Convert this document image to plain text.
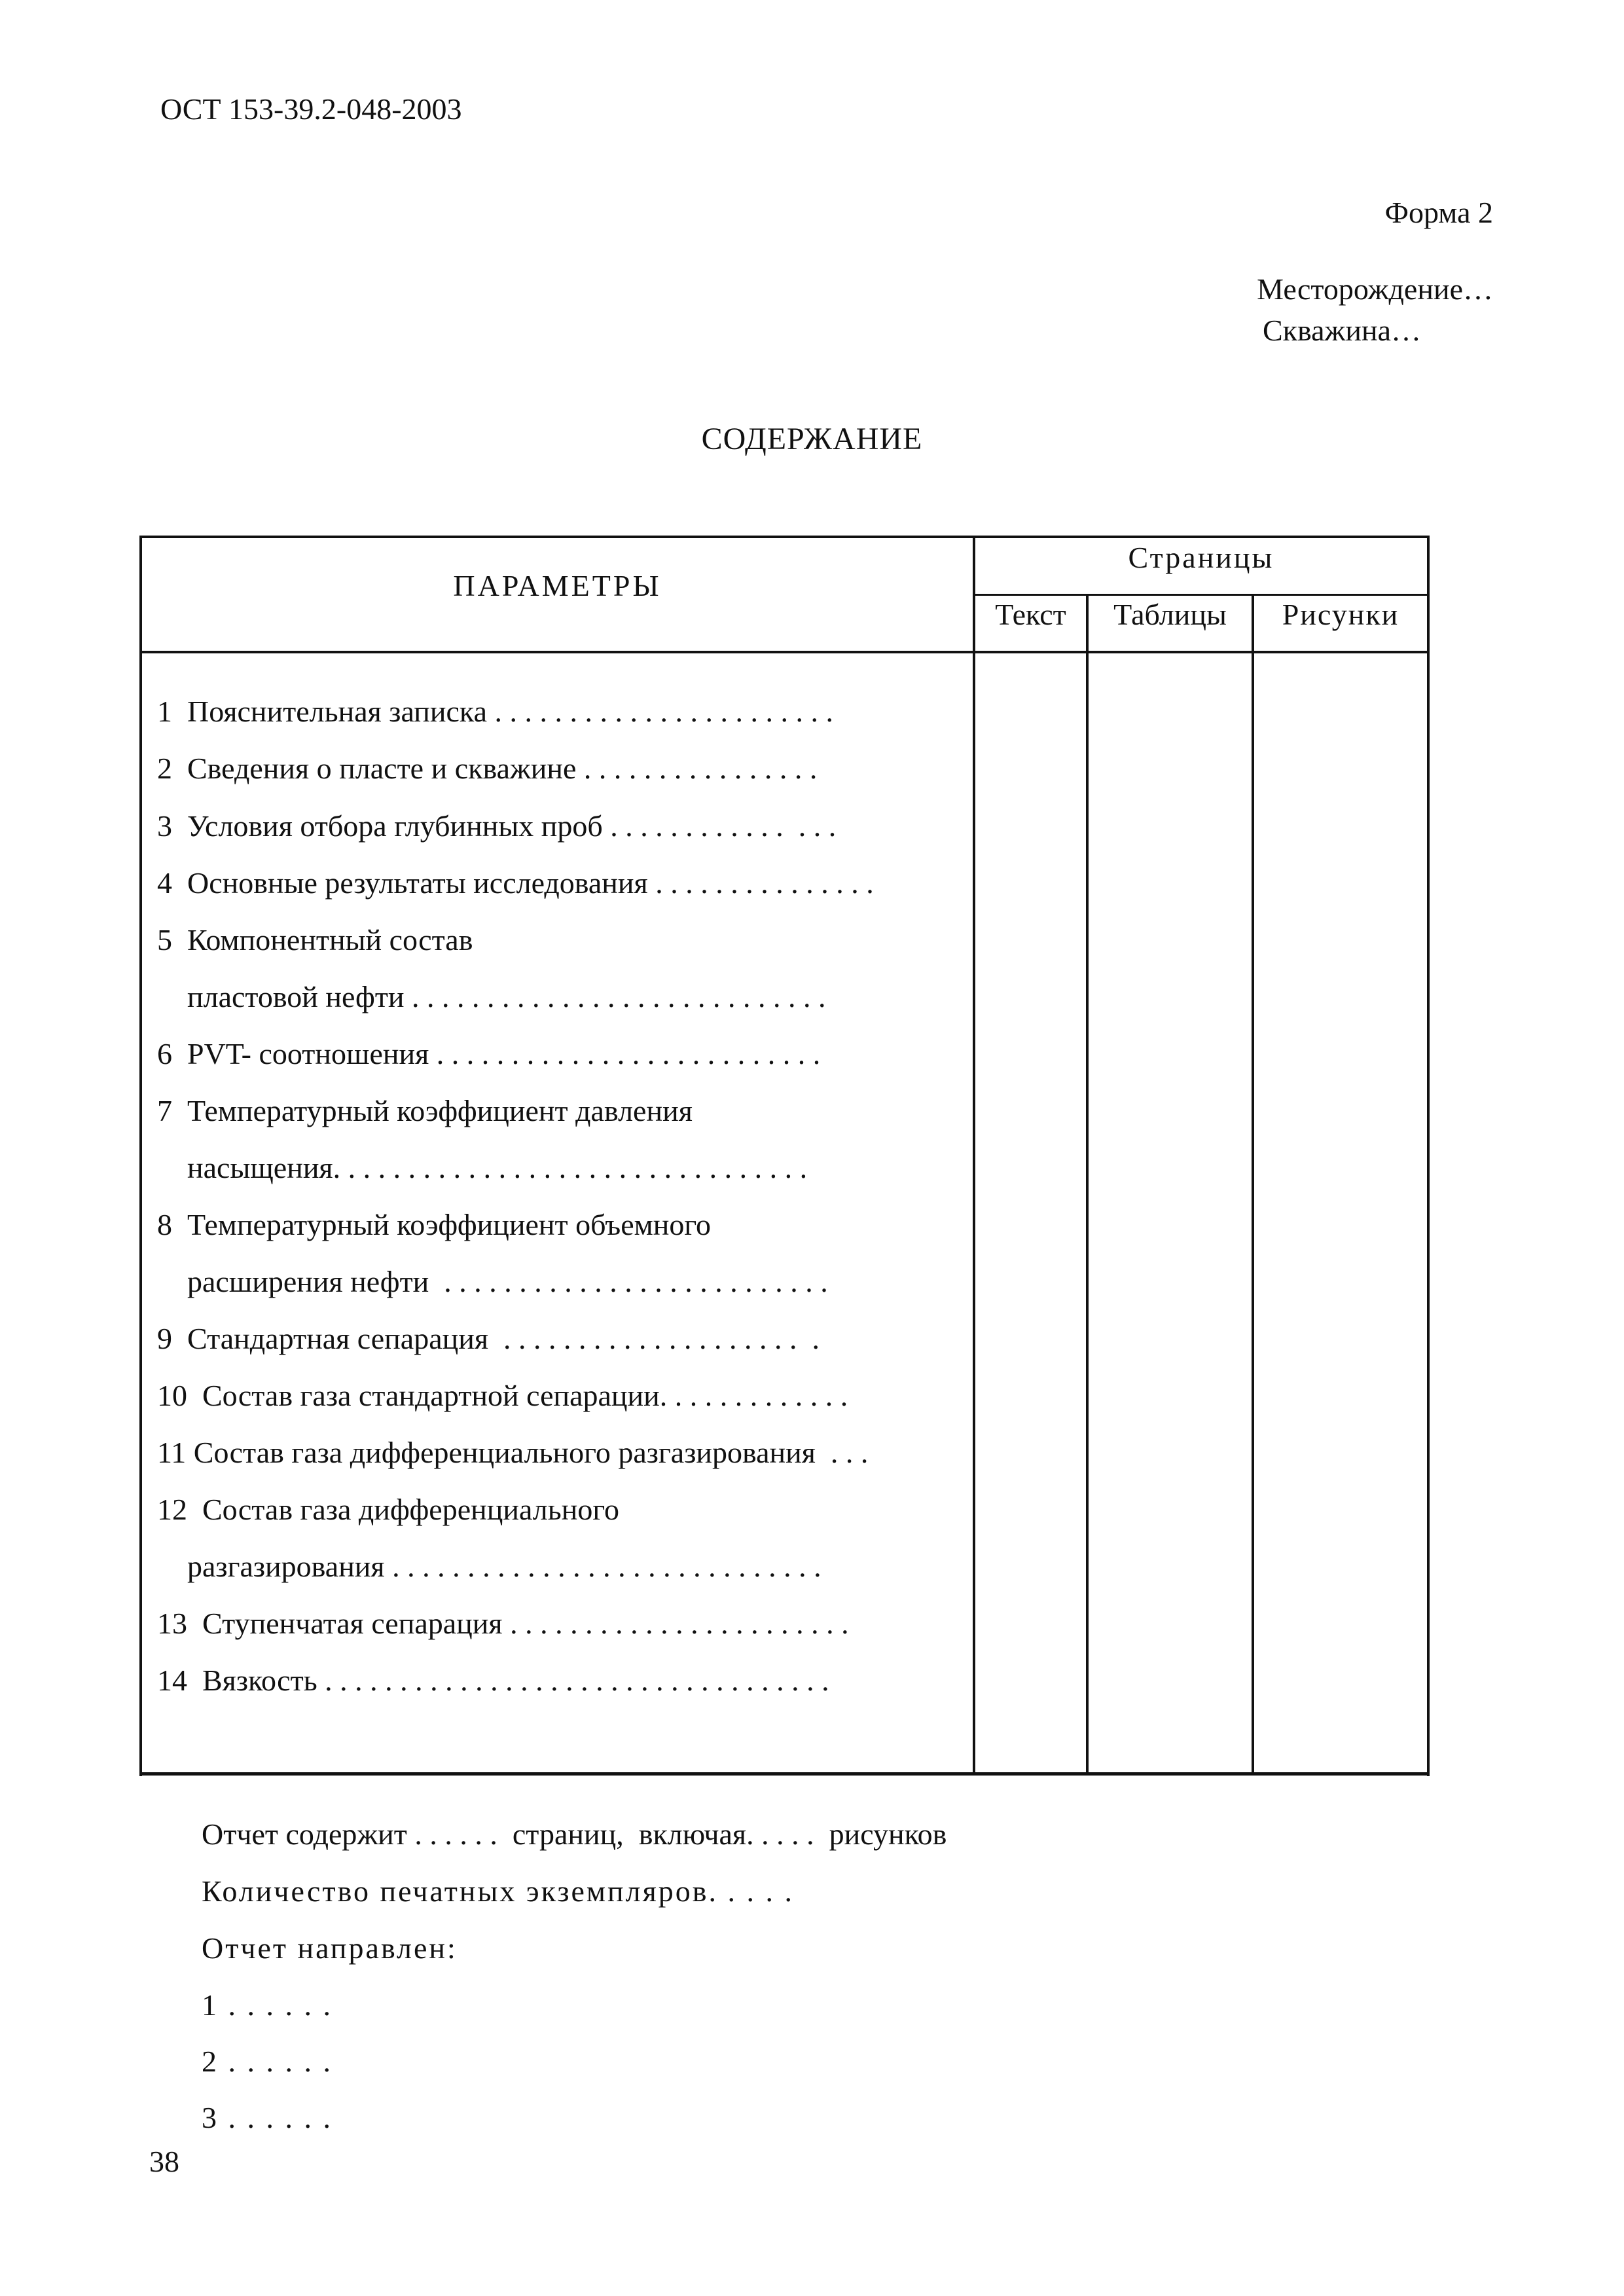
ОСТ 153-39.2-048-2003
Форма 2
Месторождение…
Скважина…
СОДЕРЖАНИЕ
ПАРАМЕТРЫ
Страницы
Текст	Таблицы	Рисунки
1  Пояснительная записка . . . . . . . . . . . . . . . . . . . . . . .
2  Сведения о пласте и скважине . . . . . . . . . . . . . . . .
3  Условия отбора глубинных проб . . . . . . . . . . . .  . . .
4  Основные результаты исследования . . . . . . . . . . . . . . .
5  Компонентный состав
пластовой нефти . . . . . . . . . . . . . . . . . . . . . . . . . . . .
6  PVT- соотношения . . . . . . . . . . . . . . . . . . . . . . . . . .
7  Температурный коэффициент давления
насыщения. . . . . . . . . . . . . . . . . . . . . . . . . . . . . . . .
8  Температурный коэффициент объемного
расширения нефти  . . . . . . . . . . . . . . . . . . . . . . . . . .
9  Стандартная сепарация  . . . . . . . . . . . . . . . . . . . .  .
10  Состав газа стандартной сепарации. . . . . . . . . . . . .
11 Состав газа дифференциального разгазирования  . . .
12  Состав газа дифференциального
разгазирования . . . . . . . . . . . . . . . . . . . . . . . . . . . . .
13  Ступенчатая сепарация . . . . . . . . . . . . . . . . . . . . . . .
14  Вязкость . . . . . . . . . . . . . . . . . . . . . . . . . . . . . . . . . .
Отчет содержит . . . . . .  страниц,  включая. . . . .  рисунков
Количество печатных экземпляров. . . . .
Отчет направлен:
1 . . . . . .
2 . . . . . .
3 . . . . . .
38
